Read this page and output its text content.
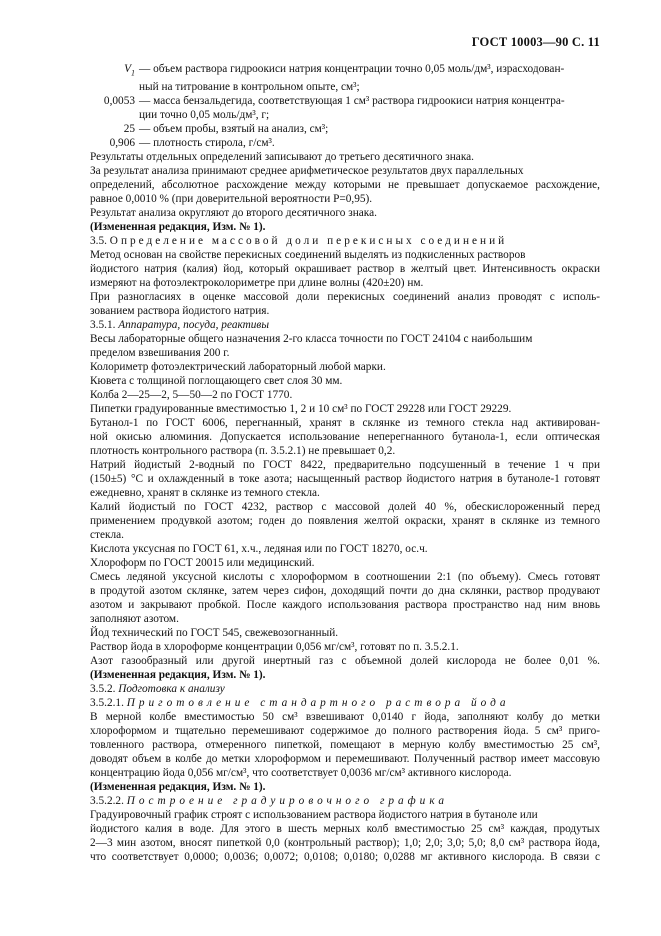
ГОСТ 10003—90 С. 11
$V_1$ — объем раствора гидроокиси натрия концентрации точно 0,05 моль/дм³, израсходован-
ный на титрование в контрольном опыте, см³;
0,0053 — масса бензальдегида, соответствующая 1 см³ раствора гидроокиси натрия концентра-
ции точно 0,05 моль/дм³, г;
25 — объем пробы, взятый на анализ, см³;
0,906 — плотность стирола, г/см³.
Результаты отдельных определений записывают до третьего десятичного знака.
За результат анализа принимают среднее арифметическое результатов двух параллельных
определений, абсолютное расхождение между которыми не превышает допускаемое расхождение,
равное 0,0010 % (при доверительной вероятности P=0,95).
Результат анализа округляют до второго десятичного знака.
(Измененная редакция, Изм. № 1).
3.5. Определение массовой доли перекисных соединений
Метод основан на свойстве перекисных соединений выделять из подкисленных растворов
йодистого натрия (калия) йод, который окрашивает раствор в желтый цвет. Интенсивность окраски
измеряют на фотоэлектроколориметре при длине волны (420±20) нм.
При разногласиях в оценке массовой доли перекисных соединений анализ проводят с исполь-
зованием раствора йодистого натрия.
3.5.1. Аппаратура, посуда, реактивы
Весы лабораторные общего назначения 2-го класса точности по ГОСТ 24104 с наибольшим
пределом взвешивания 200 г.
Колориметр фотоэлектрический лабораторный любой марки.
Кювета с толщиной поглощающего свет слоя 30 мм.
Колба 2—25—2, 5—50—2 по ГОСТ 1770.
Пипетки градуированные вместимостью 1, 2 и 10 см³ по ГОСТ 29228 или ГОСТ 29229.
Бутанол-1 по ГОСТ 6006, перегнанный, хранят в склянке из темного стекла над активирован-
ной окисью алюминия. Допускается использование неперегнанного бутанола-1, если оптическая
плотность контрольного раствора (п. 3.5.2.1) не превышает 0,2.
Натрий йодистый 2-водный по ГОСТ 8422, предварительно подсушенный в течение 1 ч при
(150±5) °С и охлажденный в токе азота; насыщенный раствор йодистого натрия в бутаноле-1 готовят
ежедневно, хранят в склянке из темного стекла.
Калий йодистый по ГОСТ 4232, раствор с массовой долей 40 %, обескислороженный перед
применением продувкой азотом; годен до появления желтой окраски, хранят в склянке из темного
стекла.
Кислота уксусная по ГОСТ 61, х.ч., ледяная или по ГОСТ 18270, ос.ч.
Хлороформ по ГОСТ 20015 или медицинский.
Смесь ледяной уксусной кислоты с хлороформом в соотношении 2:1 (по объему). Смесь готовят
в продутой азотом склянке, затем через сифон, доходящий почти до дна склянки, раствор продувают
азотом и закрывают пробкой. После каждого использования раствора пространство над ним вновь
заполняют азотом.
Йод технический по ГОСТ 545, свежевозогнанный.
Раствор йода в хлороформе концентрации 0,056 мг/см³, готовят по п. 3.5.2.1.
Азот газообразный или другой инертный газ с объемной долей кислорода не более 0,01 %.
(Измененная редакция, Изм. № 1).
3.5.2. Подготовка к анализу
3.5.2.1. Приготовление стандартного раствора йода
В мерной колбе вместимостью 50 см³ взвешивают 0,0140 г йода, заполняют колбу до метки
хлороформом и тщательно перемешивают содержимое до полного растворения йода. 5 см³ приго-
товленного раствора, отмеренного пипеткой, помещают в мерную колбу вместимостью 25 см³,
доводят объем в колбе до метки хлороформом и перемешивают. Полученный раствор имеет массовую
концентрацию йода 0,056 мг/см³, что соответствует 0,0036 мг/см³ активного кислорода.
(Измененная редакция, Изм. № 1).
3.5.2.2. Построение градуировочного графика
Градуировочный график строят с использованием раствора йодистого натрия в бутаноле или
йодистого калия в воде. Для этого в шесть мерных колб вместимостью 25 см³ каждая, продутых
2—3 мин азотом, вносят пипеткой 0,0 (контрольный раствор); 1,0; 2,0; 3,0; 5,0; 8,0 см³ раствора йода,
что соответствует 0,0000; 0,0036; 0,0072; 0,0108; 0,0180; 0,0288 мг активного кислорода. В связи с
